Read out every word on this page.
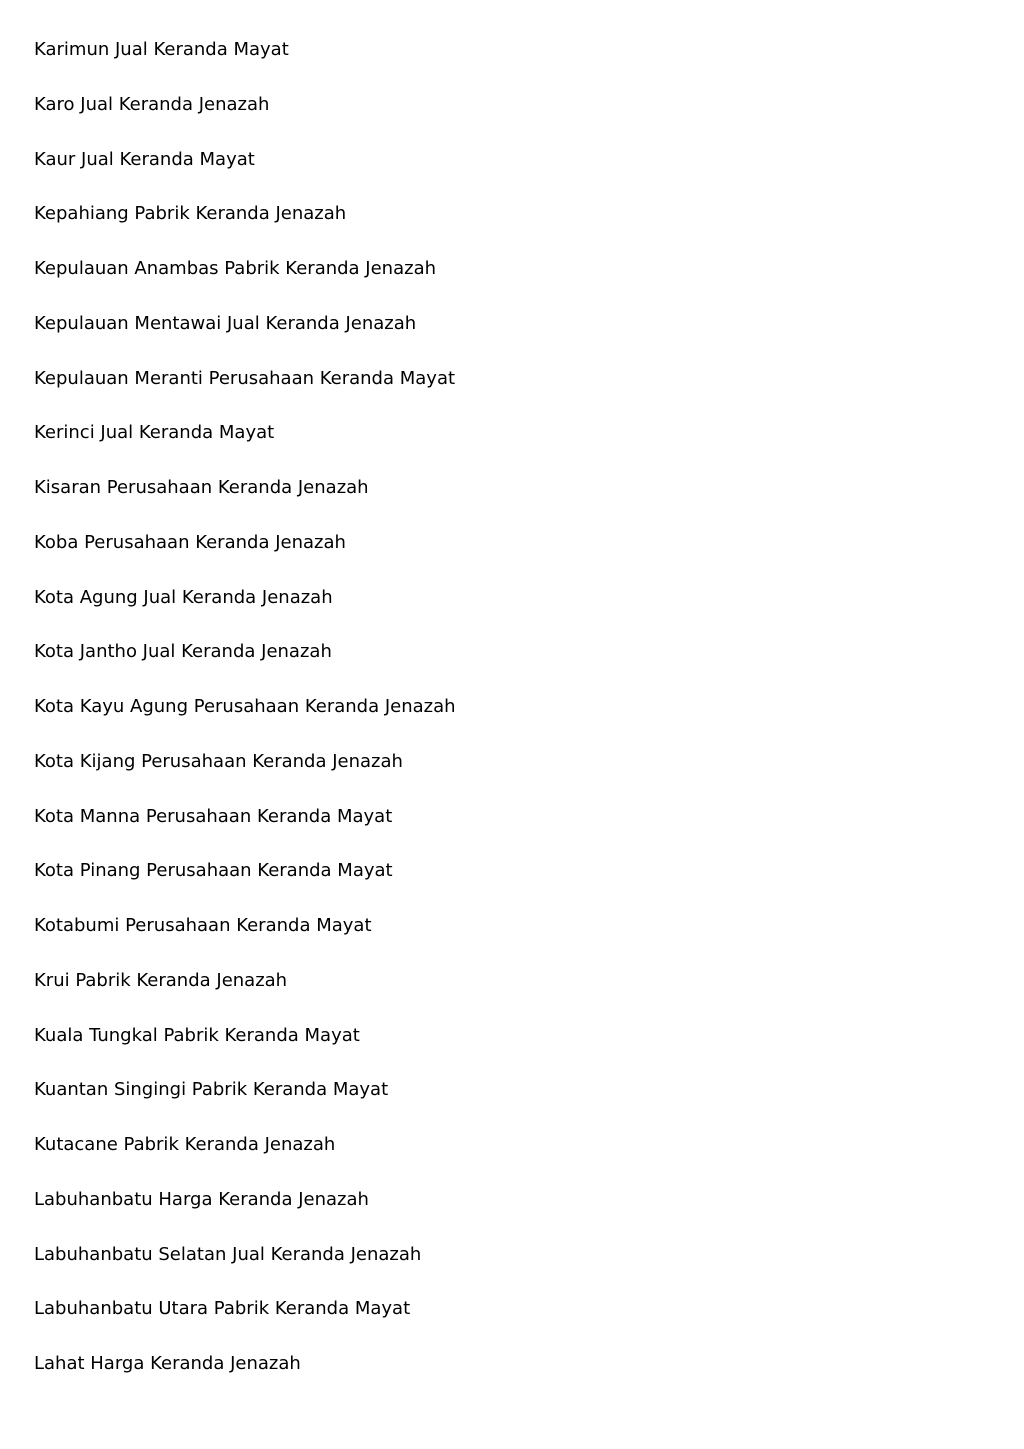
Karimun Jual Keranda Mayat
Karo Jual Keranda Jenazah
Kaur Jual Keranda Mayat
Kepahiang Pabrik Keranda Jenazah
Kepulauan Anambas Pabrik Keranda Jenazah
Kepulauan Mentawai Jual Keranda Jenazah
Kepulauan Meranti Perusahaan Keranda Mayat
Kerinci Jual Keranda Mayat
Kisaran Perusahaan Keranda Jenazah
Koba Perusahaan Keranda Jenazah
Kota Agung Jual Keranda Jenazah
Kota Jantho Jual Keranda Jenazah
Kota Kayu Agung Perusahaan Keranda Jenazah
Kota Kijang Perusahaan Keranda Jenazah
Kota Manna Perusahaan Keranda Mayat
Kota Pinang Perusahaan Keranda Mayat
Kotabumi Perusahaan Keranda Mayat
Krui Pabrik Keranda Jenazah
Kuala Tungkal Pabrik Keranda Mayat
Kuantan Singingi Pabrik Keranda Mayat
Kutacane Pabrik Keranda Jenazah
Labuhanbatu Harga Keranda Jenazah
Labuhanbatu Selatan Jual Keranda Jenazah
Labuhanbatu Utara Pabrik Keranda Mayat
Lahat Harga Keranda Jenazah
